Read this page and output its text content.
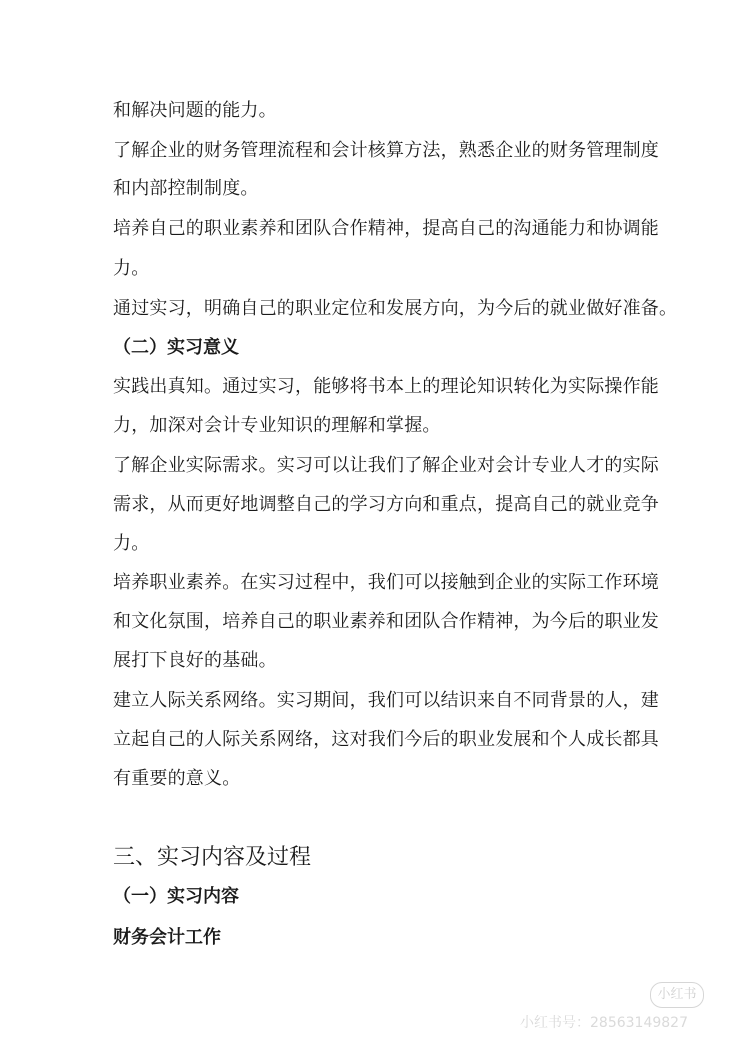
和解决问题的能力。
了解企业的财务管理流程和会计核算方法，熟悉企业的财务管理制度
和内部控制制度。
培养自己的职业素养和团队合作精神，提高自己的沟通能力和协调能
力。
通过实习，明确自己的职业定位和发展方向，为今后的就业做好准备。
（二）实习意义
实践出真知。通过实习，能够将书本上的理论知识转化为实际操作能
力，加深对会计专业知识的理解和掌握。
了解企业实际需求。实习可以让我们了解企业对会计专业人才的实际
需求，从而更好地调整自己的学习方向和重点，提高自己的就业竞争
力。
培养职业素养。在实习过程中，我们可以接触到企业的实际工作环境
和文化氛围，培养自己的职业素养和团队合作精神，为今后的职业发
展打下良好的基础。
建立人际关系网络。实习期间，我们可以结识来自不同背景的人，建
立起自己的人际关系网络，这对我们今后的职业发展和个人成长都具
有重要的意义。
三、实习内容及过程
（一）实习内容
财务会计工作
小红书
小红书号：2856314982​7
